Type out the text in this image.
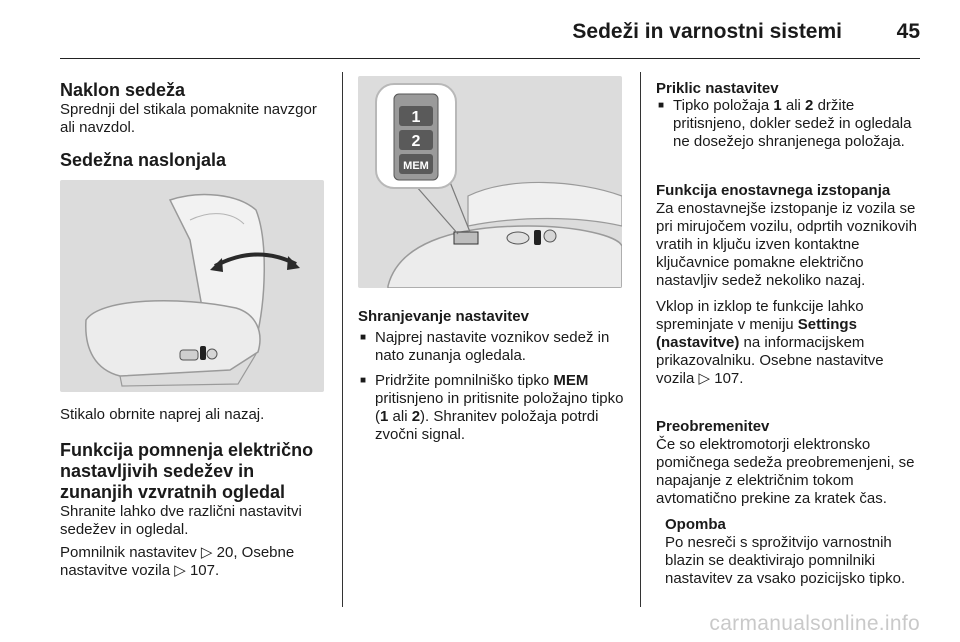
Sedeži in varnostni sistemi	45

Naklon sedeža

Sprednji del stikala pomaknite navzgor ali navzdol.

Sedežna naslonjala

Stikalo obrnite naprej ali nazaj.

Funkcija pomnenja električno nastavljivih sedežev in zunanjih vzvratnih ogledal

Shranite lahko dve različni nastavitvi sedežev in ogledal.

Pomnilnik nastavitev ▷ 20, Osebne nastavitve vozila ▷ 107.

1
2
MEM

Shranjevanje nastavitev

■ Najprej nastavite voznikov sedež in nato zunanja ogledala.
■ Pridržite pomnilniško tipko MEM pritisnjeno in pritisnite položajno tipko (1 ali 2). Shranitev položaja potrdi zvočni signal.

Priklic nastavitev

■ Tipko položaja 1 ali 2 držite pritisnjeno, dokler sedež in ogledala ne dosežejo shranjenega položaja.

Funkcija enostavnega izstopanja

Za enostavnejše izstopanje iz vozila se pri mirujočem vozilu, odprtih voznikovih vratih in ključu izven kontaktne ključavnice pomakne električno nastavljiv sedež nekoliko nazaj.

Vklop in izklop te funkcije lahko spreminjate v meniju Settings (nastavitve) na informacijskem prikazovalniku. Osebne nastavitve vozila ▷ 107.

Preobremenitev

Če so elektromotorji elektronsko pomičnega sedeža preobremenjeni, se napajanje z električnim tokom avtomatično prekine za kratek čas.

Opomba

Po nesreči s sprožitvijo varnostnih blazin se deaktivirajo pomnilniki nastavitev za vsako pozicijsko tipko.

carmanualsonline.info
